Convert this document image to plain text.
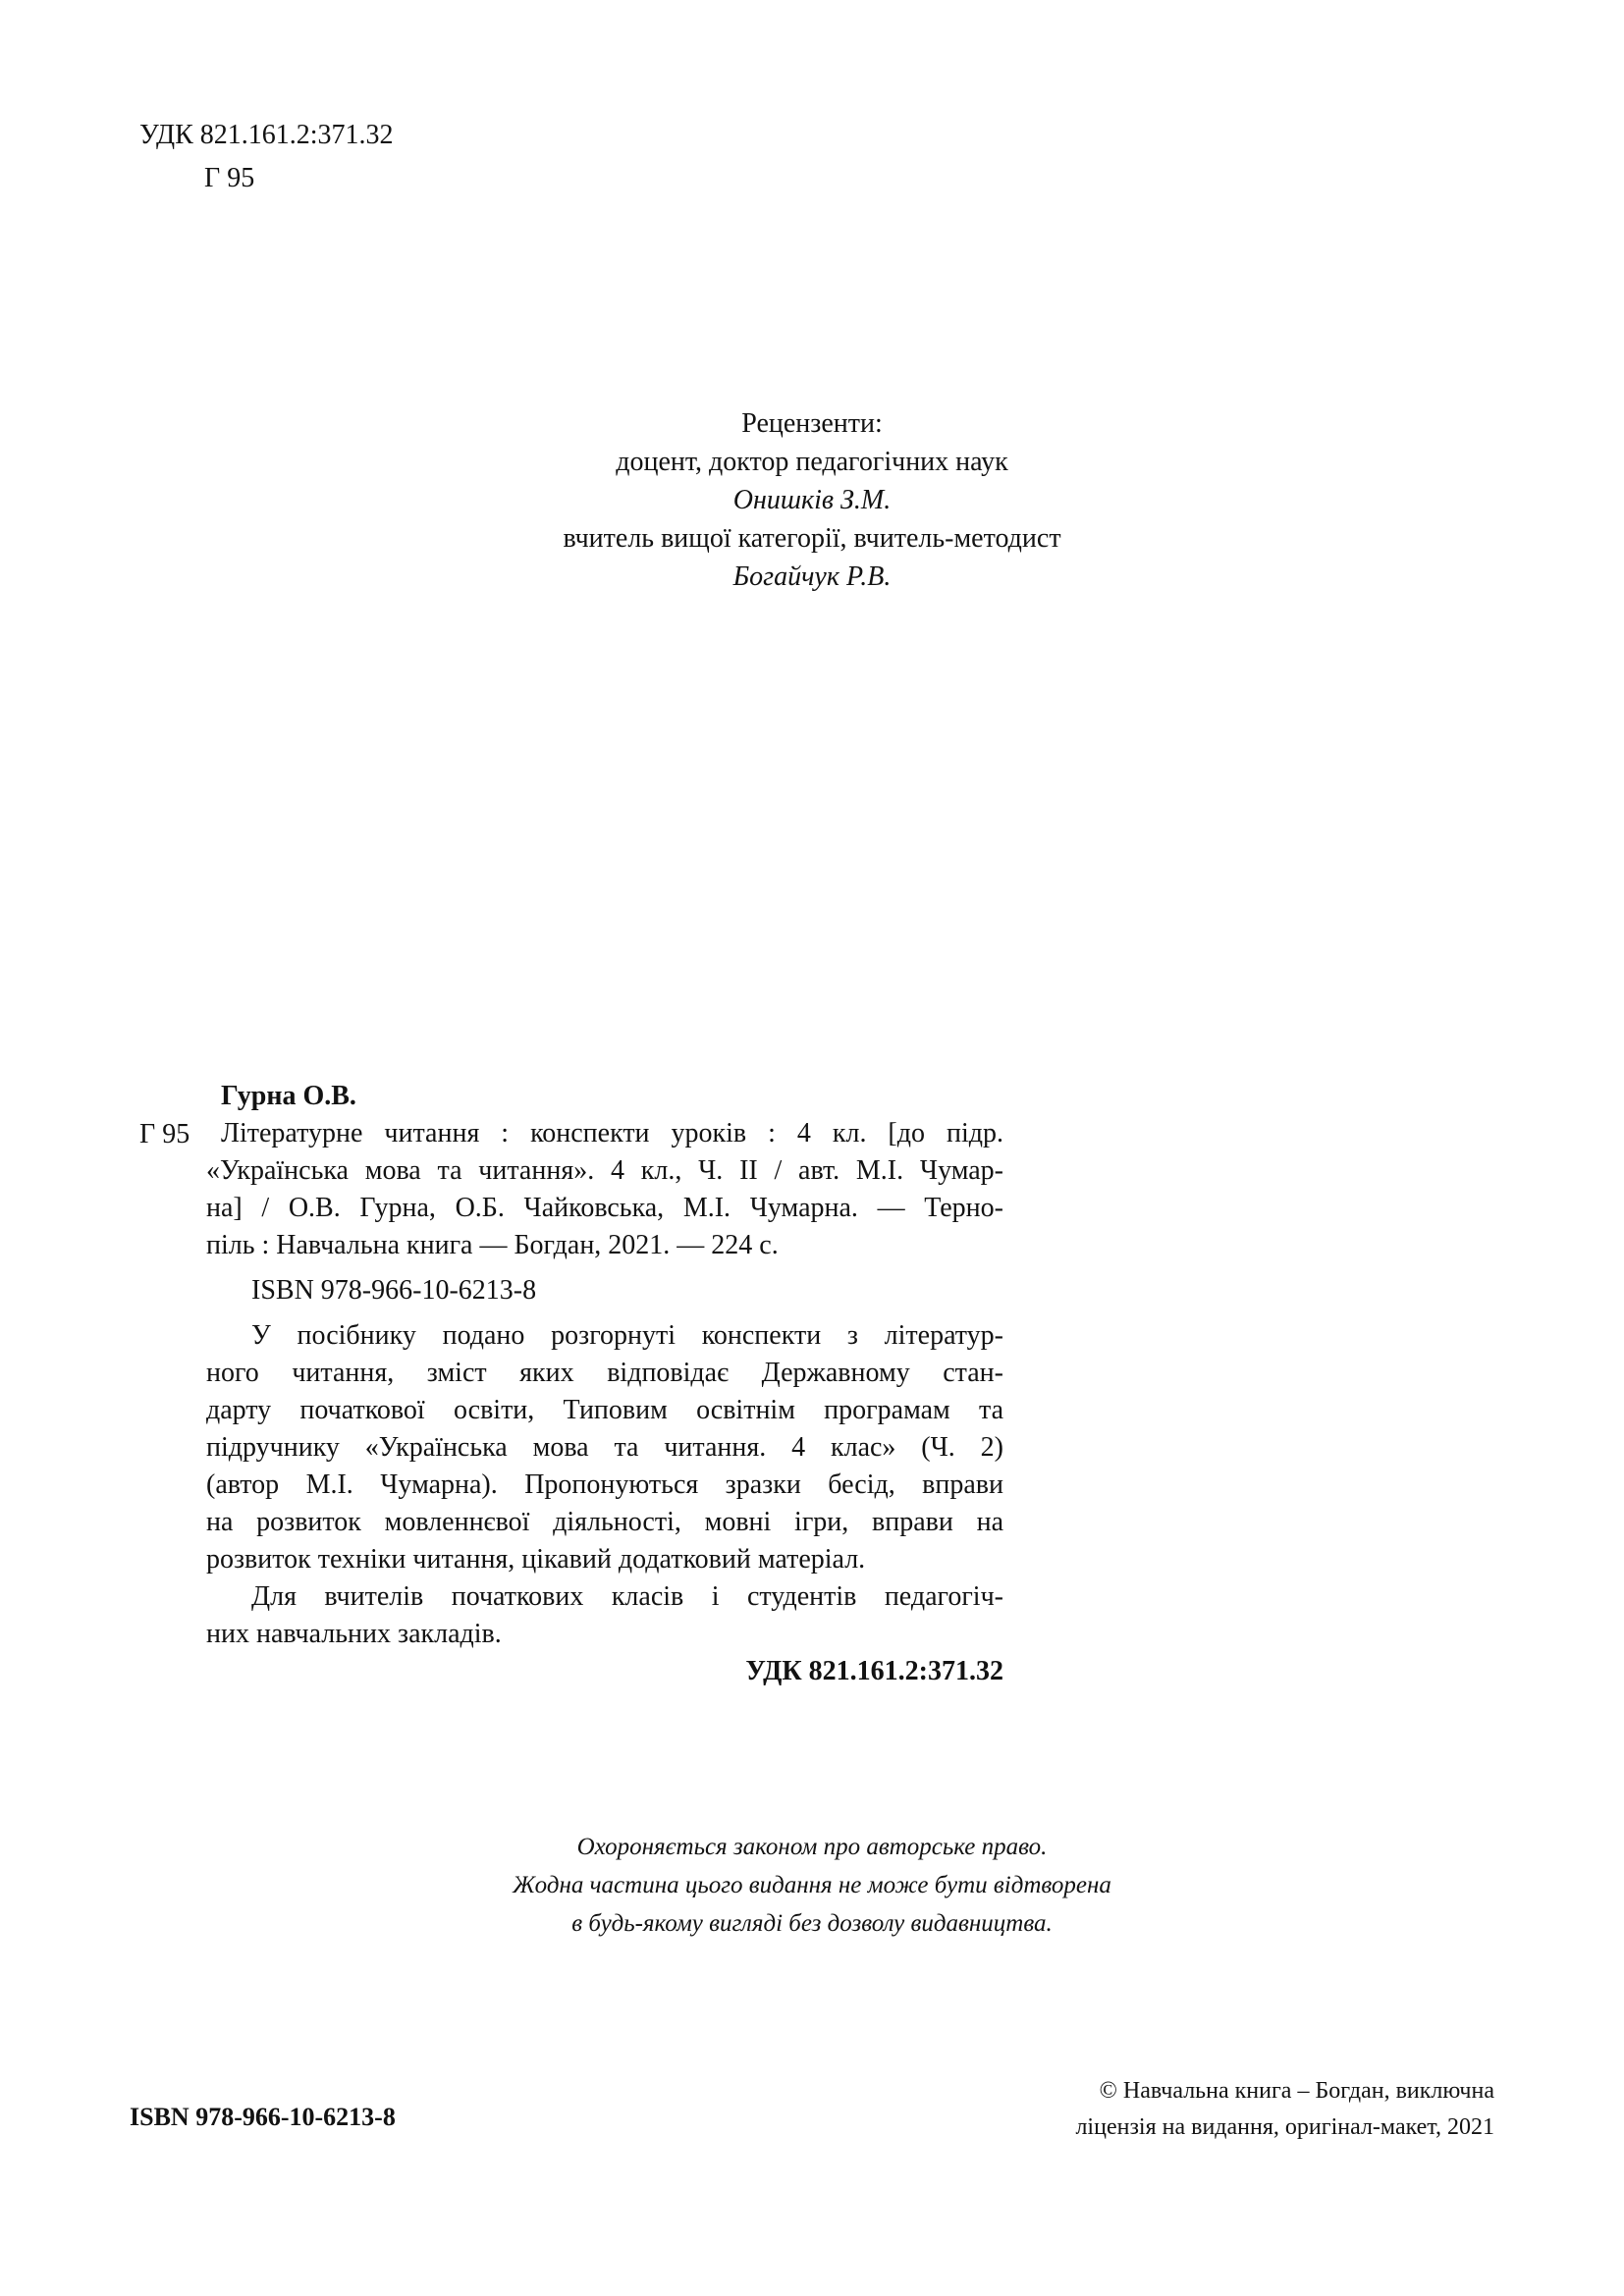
УДК 821.161.2:371.32
Г 95
Рецензенти:
доцент, доктор педагогічних наук
Онишків З.М.
вчитель вищої категорії, вчитель-методист
Богайчук Р.В.
Г 95
Гурна О.В.
Літературне читання : конспекти уроків : 4 кл. [до підр.
«Українська мова та читання». 4 кл., Ч. II / авт. М.І. Чумар-
на] / О.В. Гурна, О.Б. Чайковська, М.І. Чумарна. — Терно-
піль : Навчальна книга — Богдан, 2021. — 224 с.
ISBN 978-966-10-6213-8
У посібнику подано розгорнуті конспекти з літератур-
ного читання, зміст яких відповідає Державному стан-
дарту початкової освіти, Типовим освітнім програмам та
підручнику «Українська мова та читання. 4 клас» (Ч. 2)
(автор М.І. Чумарна). Пропонуються зразки бесід, вправи
на розвиток мовленнєвої діяльності, мовні ігри, вправи на
розвиток техніки читання, цікавий додатковий матеріал.
Для вчителів початкових класів і студентів педагогіч-
них навчальних закладів.
УДК 821.161.2:371.32
Охороняється законом про авторське право.
Жодна частина цього видання не може бути відтворена
в будь-якому вигляді без дозволу видавництва.
ISBN 978-966-10-6213-8
© Навчальна книга – Богдан, виключна
ліцензія на видання, оригінал-макет, 2021
